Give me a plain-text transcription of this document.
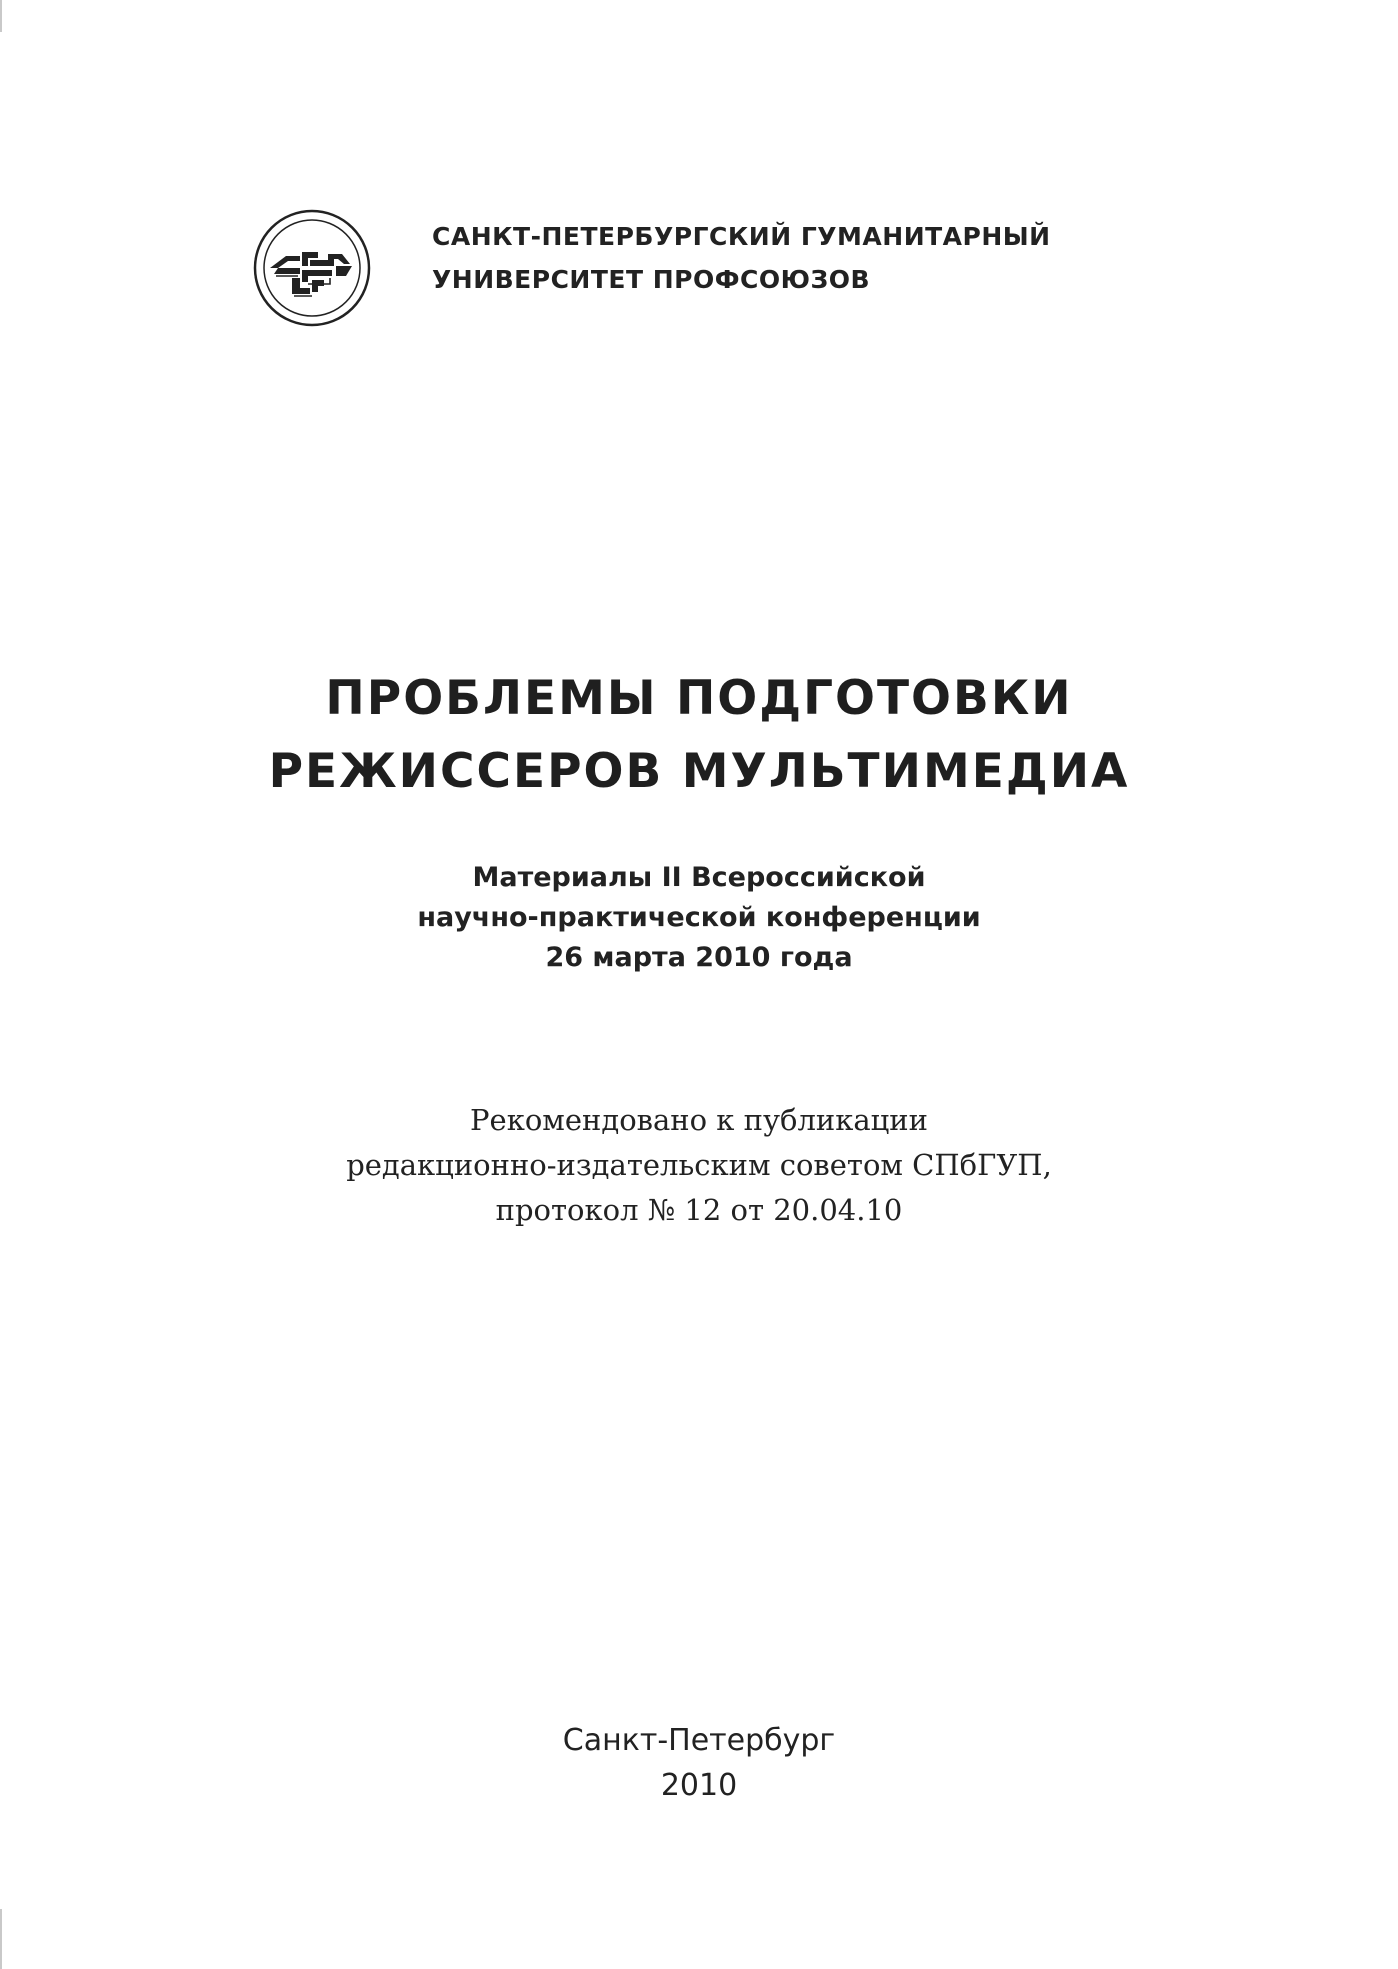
САНКТ-ПЕТЕРБУРГСКИЙ ГУМАНИТАРНЫЙ
УНИВЕРСИТЕТ ПРОФСОЮЗОВ
ПРОБЛЕМЫ ПОДГОТОВКИ
РЕЖИССЕРОВ МУЛЬТИМЕДИА
Материалы II Всероссийской
научно-практической конференции
26 марта 2010 года
Рекомендовано к публикации
редакционно-издательским советом СПбГУП,
протокол № 12 от 20.04.10
Санкт-Петербург
2010
